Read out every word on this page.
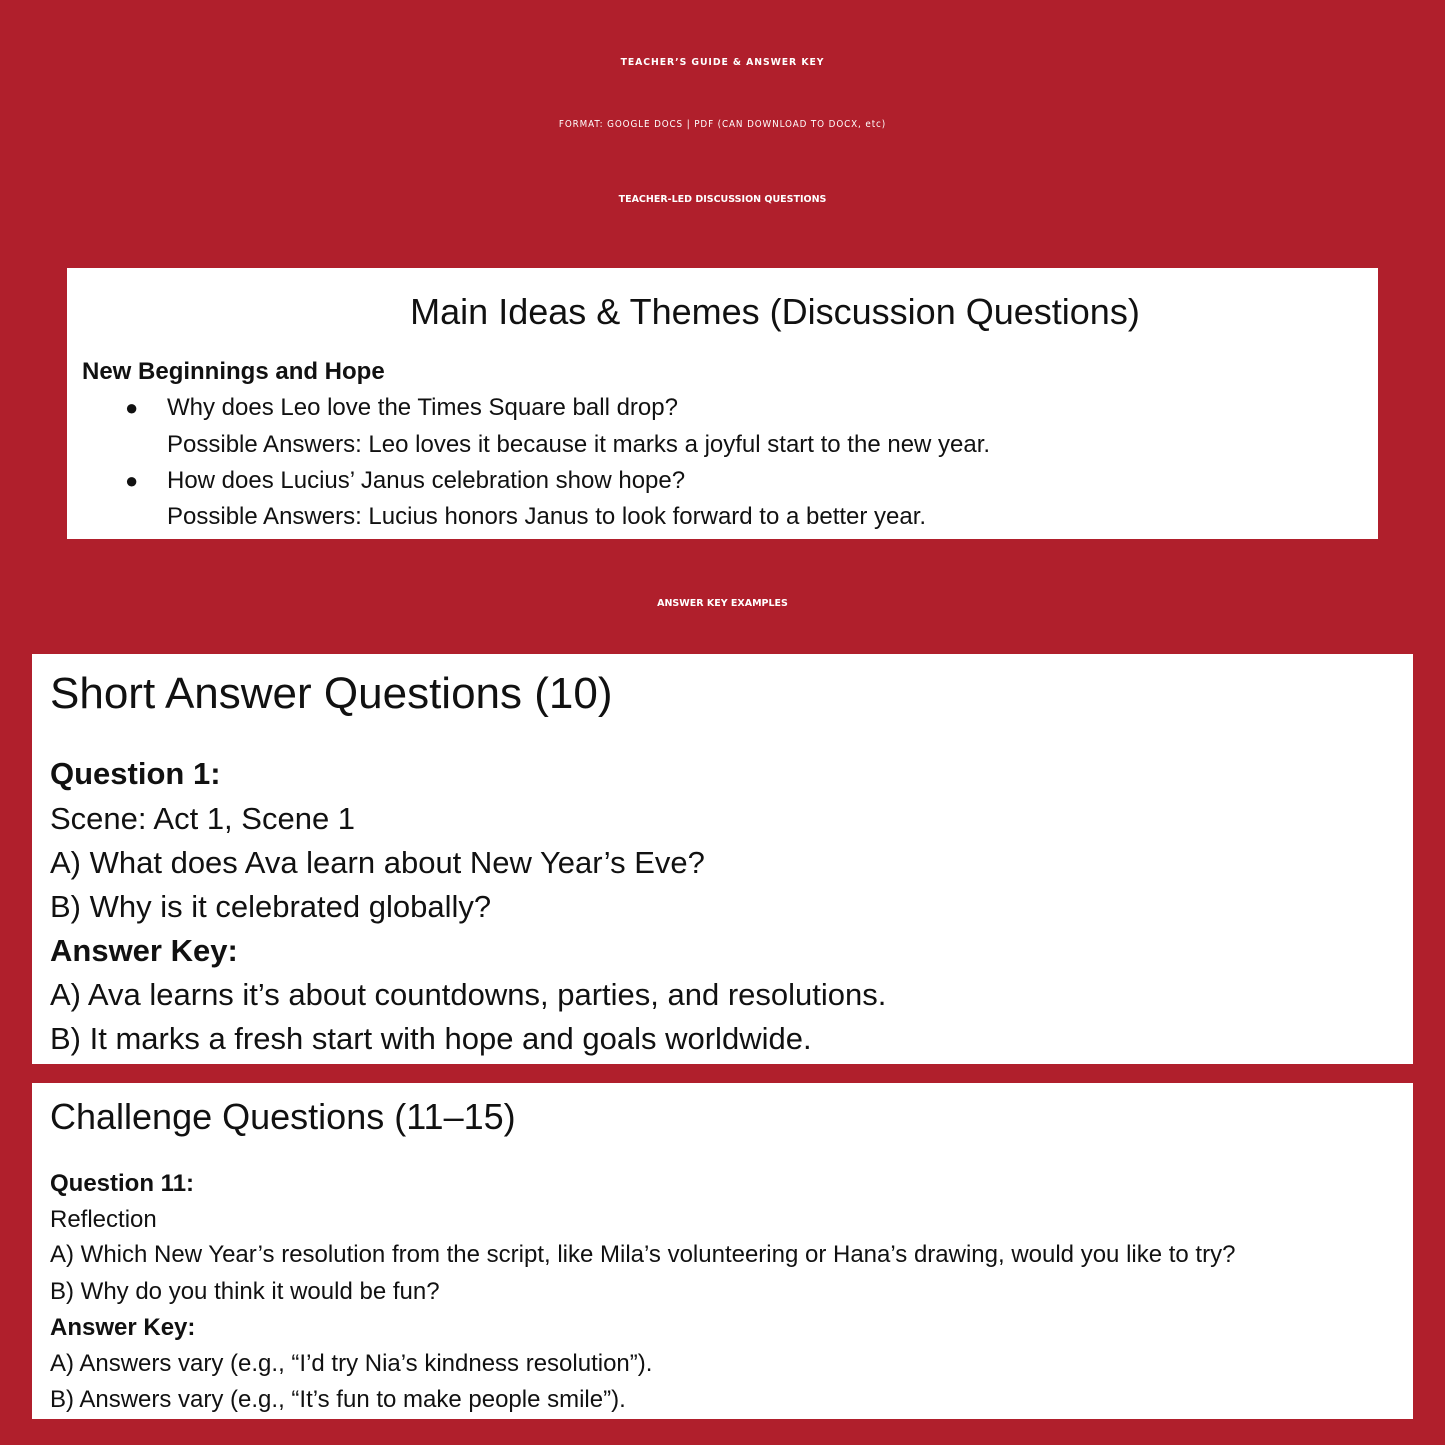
TEACHER’S GUIDE & ANSWER KEY
FORMAT: GOOGLE DOCS | PDF (CAN DOWNLOAD TO DOCX, etc)
TEACHER-LED DISCUSSION QUESTIONS
Main Ideas & Themes (Discussion Questions)
New Beginnings and Hope
● Why does Leo love the Times Square ball drop?
Possible Answers: Leo loves it because it marks a joyful start to the new year.
● How does Lucius’ Janus celebration show hope?
Possible Answers: Lucius honors Janus to look forward to a better year.
ANSWER KEY EXAMPLES
Short Answer Questions (10)
Question 1:
Scene: Act 1, Scene 1
A) What does Ava learn about New Year’s Eve?
B) Why is it celebrated globally?
Answer Key:
A) Ava learns it’s about countdowns, parties, and resolutions.
B) It marks a fresh start with hope and goals worldwide.
Challenge Questions (11–15)
Question 11:
Reflection
A) Which New Year’s resolution from the script, like Mila’s volunteering or Hana’s drawing, would you like to try?
B) Why do you think it would be fun?
Answer Key:
A) Answers vary (e.g., “I’d try Nia’s kindness resolution”).
B) Answers vary (e.g., “It’s fun to make people smile”).
